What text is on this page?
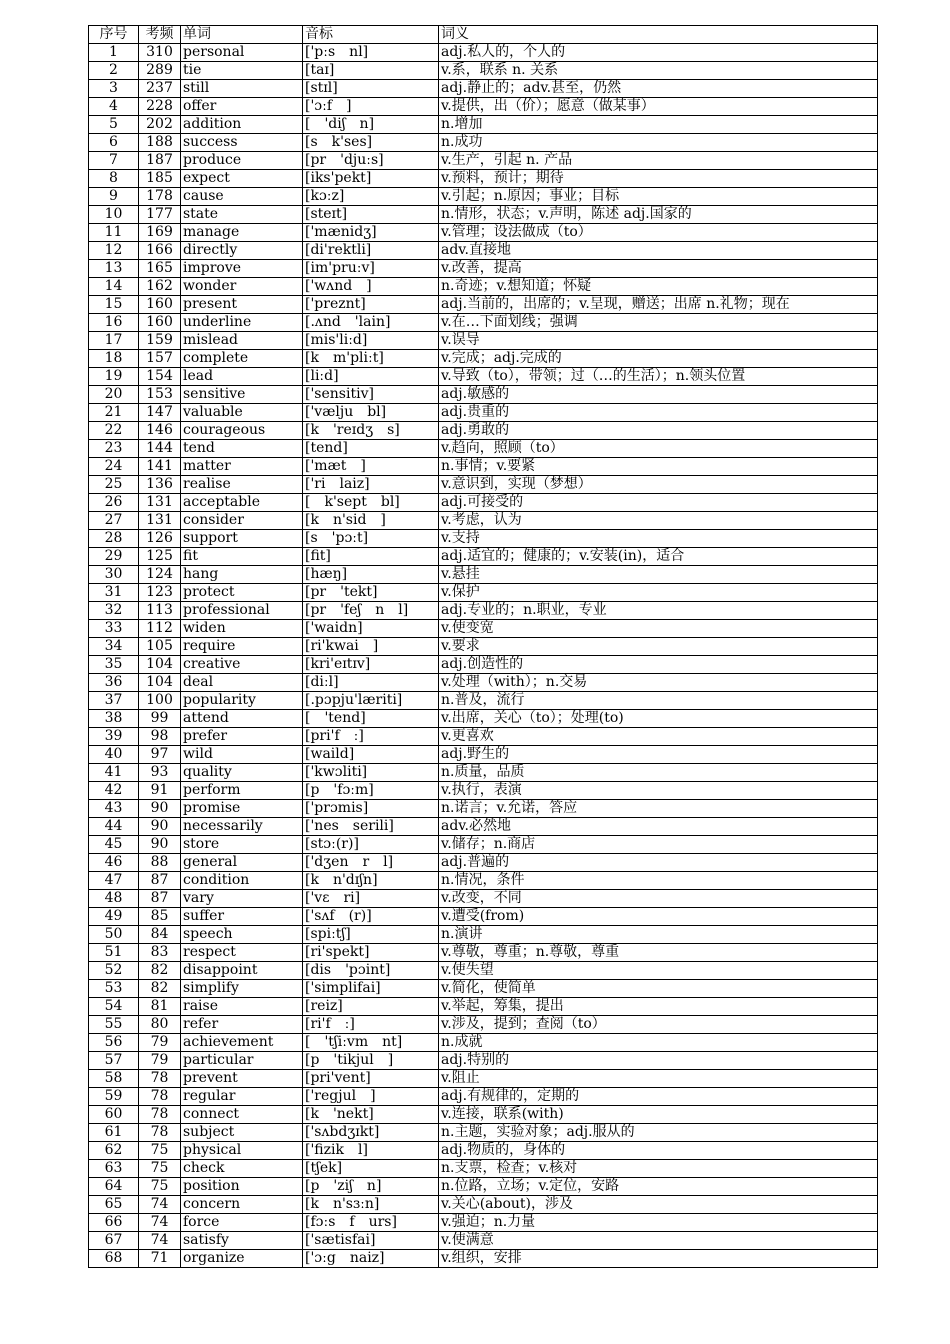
序号	考频	单词	音标	词义
1	310	personal	['pːs　nl]	adj.私人的，个人的
2	289	tie	[taɪ]	v.系，联系 n. 关系
3	237	still	[stɪl]	adj.静止的；adv.甚至，仍然
4	228	offer	['ɔːf　]	v.提供，出（价）；愿意（做某事）
5	202	addition	[　'diʃ　n]	n.增加
6	188	success	[s　k'ses]	n.成功
7	187	produce	[pr　'djuːs]	v.生产，引起 n. 产品
8	185	expect	[iks'pekt]	v.预料，预计；期待
9	178	cause	[kɔːz]	v.引起；n.原因；事业；目标
10	177	state	[steɪt]	n.情形，状态；v.声明，陈述 adj.国家的
11	169	manage	['mænidʒ]	v.管理；设法做成（to）
12	166	directly	[di'rektli]	adv.直接地
13	165	improve	[im'pruːv]	v.改善，提高
14	162	wonder	['wʌnd　]	n.奇迹；v.想知道；怀疑
15	160	present	['preznt]	adj.当前的，出席的；v.呈现，赠送；出席 n.礼物；现在
16	160	underline	[.ʌnd　'lain]	v.在…下面划线；强调
17	159	mislead	[mis'liːd]	v.误导
18	157	complete	[k　m'pliːt]	v.完成；adj.完成的
19	154	lead	[liːd]	v.导致（to），带领；过（…的生活）；n.领头位置
20	153	sensitive	['sensitiv]	adj.敏感的
21	147	valuable	['vælju　bl]	adj.贵重的
22	146	courageous	[k　'reɪdʒ　s]	adj.勇敢的
23	144	tend	[tend]	v.趋向，照顾（to）
24	141	matter	['mæt　]	n.事情；v.要紧
25	136	realise	['ri　laiz]	v.意识到，实现（梦想）
26	131	acceptable	[　k'sept　bl]	adj.可接受的
27	131	consider	[k　n'sid　]	v.考虑，认为
28	126	support	[s　'pɔːt]	v.支持
29	125	fit	[fit]	adj.适宜的；健康的；v.安装(in)，适合
30	124	hang	[hæŋ]	v.悬挂
31	123	protect	[pr　'tekt]	v.保护
32	113	professional	[pr　'feʃ　n　l]	adj.专业的；n.职业，专业
33	112	widen	['waidn]	v.使变宽
34	105	require	[ri'kwai　]	v.要求
35	104	creative	[kri'eɪtɪv]	adj.创造性的
36	104	deal	[diːl]	v.处理（with）；n.交易
37	100	popularity	[.pɔpju'læriti]	n.普及，流行
38	99	attend	[　'tend]	v.出席，关心（to）；处理(to)
39	98	prefer	[pri'f　ː]	v.更喜欢
40	97	wild	[waild]	adj.野生的
41	93	quality	['kwɔliti]	n.质量，品质
42	91	perform	[p　'fɔːm]	v.执行，表演
43	90	promise	['prɔmis]	n.诺言；v.允诺，答应
44	90	necessarily	['nes　serili]	adv.必然地
45	90	store	[stɔː(r)]	v.储存；n.商店
46	88	general	['dʒen　r　l]	adj.普遍的
47	87	condition	[k　n'dɪʃn]	n.情况，条件
48	87	vary	['vɛ　ri]	v.改变，不同
49	85	suffer	['sʌf　(r)]	v.遭受(from)
50	84	speech	[spiːtʃ]	n.演讲
51	83	respect	[ri'spekt]	v.尊敬，尊重；n.尊敬，尊重
52	82	disappoint	[dis　'pɔint]	v.使失望
53	82	simplify	['simplifai]	v.简化，使简单
54	81	raise	[reiz]	v.举起，筹集，提出
55	80	refer	[ri'f　ː]	v.涉及，提到；查阅（to）
56	79	achievement	[　'tʃiːvm　nt]	n.成就
57	79	particular	[p　'tikjul　]	adj.特别的
58	78	prevent	[pri'vent]	v.阻止
59	78	regular	['regjul　]	adj.有规律的，定期的
60	78	connect	[k　'nekt]	v.连接，联系(with)
61	78	subject	['sʌbdʒɪkt]	n.主题，实验对象；adj.服从的
62	75	physical	['fizik　l]	adj.物质的，身体的
63	75	check	[tʃek]	n.支票，检查；v.核对
64	75	position	[p　'ziʃ　n]	n.位路，立场；v.定位，安路
65	74	concern	[k　n'sɜːn]	v.关心(about)，涉及
66	74	force	[fɔːs　f　urs]	v.强迫；n.力量
67	74	satisfy	['sætisfai]	v.使满意
68	71	organize	['ɔːg　naiz]	v.组织，安排
